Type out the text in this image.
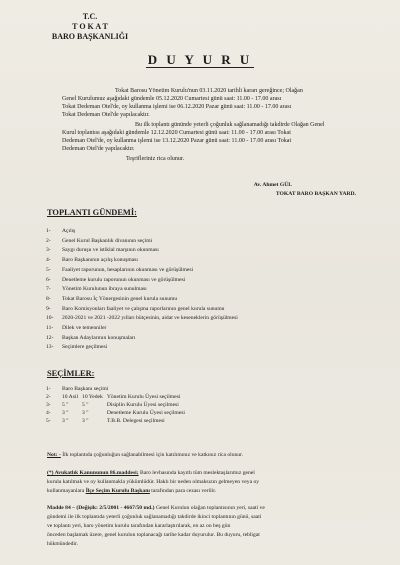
T.C.
T O K A T
BARO BAŞKANLIĞI
D U Y U R U
Tokat Barosu Yönetim Kurulu'nun 03.11.2020 tarihli kararı gereğince; Olağan
Genel Kurulumuz aşağıdaki gündemle 05.12.2020 Cumartesi günü saat: 11.00 - 17.00 arası
Tokat Dedeman Otel'de, oy kullanma işlemi ise 06.12.2020 Pazar günü saat: 11.00 - 17.00 arası
Tokat Dedeman Otel'de yapılacaktır.
Bu ilk toplantı gününde yeterli çoğunluk sağlanamadığı takdirde Olağan Genel
Kurul toplantısı aşağıdaki gündemle 12.12.2020 Cumartesi günü saat: 11.00 - 17.00 arası Tokat
Dedeman Otel'de, oy kullanma işlemi ise 13.12.2020 Pazar günü saat: 11.00 - 17.00 arası Tokat
Dedeman Otel'de yapılacaktır.
Teşrifleriniz rica olunur.
Av. Ahmet GÜL
TOKAT BARO BAŞKAN YARD.
TOPLANTI GÜNDEMİ:
1-	Açılış
2-	Genel Kurul Başkanlık divanının seçimi
3-	Saygı duruşu ve istiklal marşının okunması
4-	Baro Başkanının açılış konuşması
5-	Faaliyet raporunun, hesaplarının okunması ve görüşülmesi
6-	Denetleme kurulu raporunun okunması ve görüşülmesi
7-	Yönetim Kurulunun ibraya sunulması
8-	Tokat Barosu İç Yönergesinin genel kurula sunumu
9-	Baro Komisyonları faaliyet ve çalışma raporlarının genel kurula sunumu
10-	2020-2021 ve 2021 -2022 yılları bütçesinin, aidat ve keseneklerin görüşülmesi
11-	Dilek ve temenniler
12-	Başkan Adaylarının konuşmaları
13-	Seçimlere geçilmesi
SEÇİMLER:
1-	Baro Başkanı seçimi		
2-	10 Asil	10 Yedek	Yönetim Kurulu Üyesi seçilmesi
3-	5 "	5 "	Disiplin Kurulu Üyesi seçilmesi
4-	3 "	3 "	Denetleme Kurulu Üyesi seçilmesi
5-	3 "	3 "	T.B.B. Delegesi seçilmesi
Not: - İlk toplantıda çoğunluğun sağlanabilmesi için katılımınız ve katkınız rica olunur.
(*) Avukatlık Kanununun 86.maddesi; Baro levhasında kayıtlı tüm meslektaşlarımız genel
kurula katılmak ve oy kullanmakla yükümlüdür. Haklı bir neden olmaksızın gelmeyen veya oy
kullanmayanlara İlçe Seçim Kurulu Başkanı tarafından para cezası verilir.
Madde 84 – (Değişik: 2/5/2001 - 4667/50 md.) Genel Kurulun olağan toplantısının yeri, saati ve
gündemi ile ilk toplantıda yeterli çoğunluk sağlanamadığı takdirde ikinci toplantının günü, saati
ve toplantı yeri, baro yönetim kurulu tarafından kararlaştırılarak, en az on beş gün
önceden başlamak üzere, genel kurulun toplanacağı tarihe kadar duyurulur. Bu duyuru, tebligat
hükmündedir.
